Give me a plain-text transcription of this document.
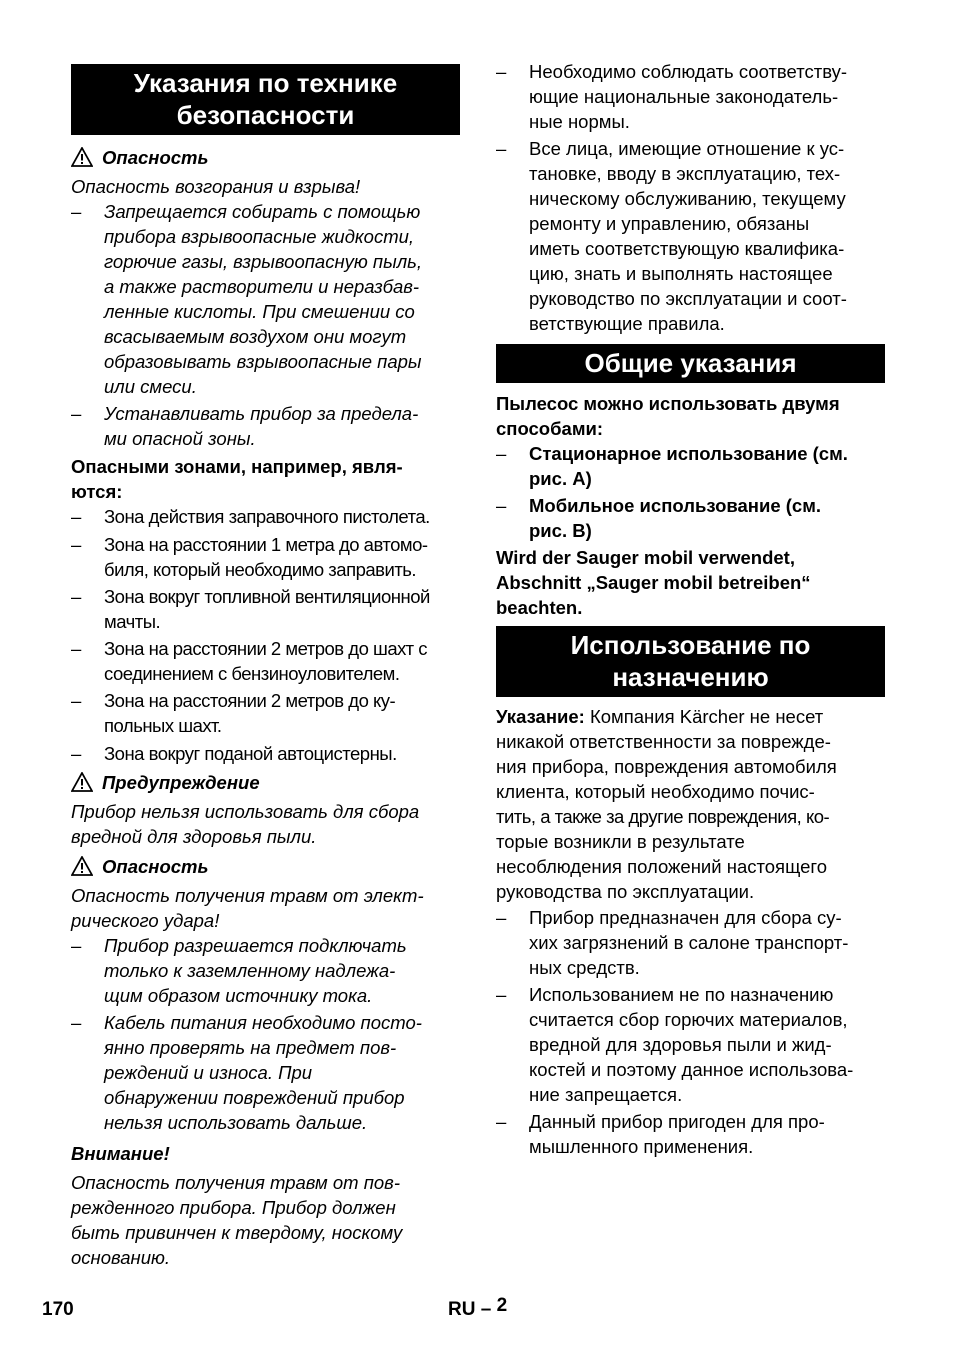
Указания по технике
безопасности
Опасность
Опасность возгорания и взрыва!
– Запрещается собирать с помощью
прибора взрывоопасные жидкости,
горючие газы, взрывоопасную пыль,
а также растворители и неразбав-
ленные кислоты. При смешении со
всасываемым воздухом они могут
образовывать взрывоопасные пары
или смеси.
– Устанавливать прибор за предела-
ми опасной зоны.
Опасными зонами, например, явля-
ются:
– Зона действия заправочного пистолета.
– Зона на расстоянии 1 метра до автомо-
биля, который необходимо заправить.
– Зона вокруг топливной вентиляционной
мачты.
– Зона на расстоянии 2 метров до шахт с
соединением с бензиноуловителем.
– Зона на расстоянии 2 метров до ку-
польных шахт.
– Зона вокруг поданой автоцистерны.
Предупреждение
Прибор нельзя использовать для сбора
вредной для здоровья пыли.
Опасность
Опасность получения травм от элект-
рического удара!
– Прибор разрешается подключать
только к заземленному надлежа-
щим образом источнику тока.
– Кабель питания необходимо посто-
янно проверять на предмет пов-
реждений и износа. При
обнаружении повреждений прибор
нельзя использовать дальше.
Внимание!
Опасность получения травм от пов-
режденного прибора. Прибор должен
быть привинчен к твердому, носкому
основанию.
– Необходимо соблюдать соответству-
ющие национальные законодатель-
ные нормы.
– Все лица, имеющие отношение к ус-
тановке, вводу в эксплуатацию, тех-
ническому обслуживанию, текущему
ремонту и управлению, обязаны
иметь соответствующую квалифика-
цию, знать и выполнять настоящее
руководство по эксплуатации и соот-
ветствующие правила.
Общие указания
Пылесос можно использовать двумя
способами:
– Стационарное использование (см.
рис. A)
– Мобильное использование (см.
рис. B)
Wird der Sauger mobil verwendet,
Abschnitt „Sauger mobil betreiben“
beachten.
Использование по
назначению
Указание: Компания Kärcher не несет
никакой ответственности за поврежде-
ния прибора, повреждения автомобиля
клиента, который необходимо почис-
тить, а также за другие повреждения, ко-
торые возникли в результате
несоблюдения положений настоящего
руководства по эксплуатации.
– Прибор предназначен для сбора су-
хих загрязнений в салоне транспорт-
ных средств.
– Использованием не по назначению
считается сбор горючих материалов,
вредной для здоровья пыли и жид-
костей и поэтому данное использова-
ние запрещается.
– Данный прибор пригоден для про-
мышленного применения.
170	RU – 2
